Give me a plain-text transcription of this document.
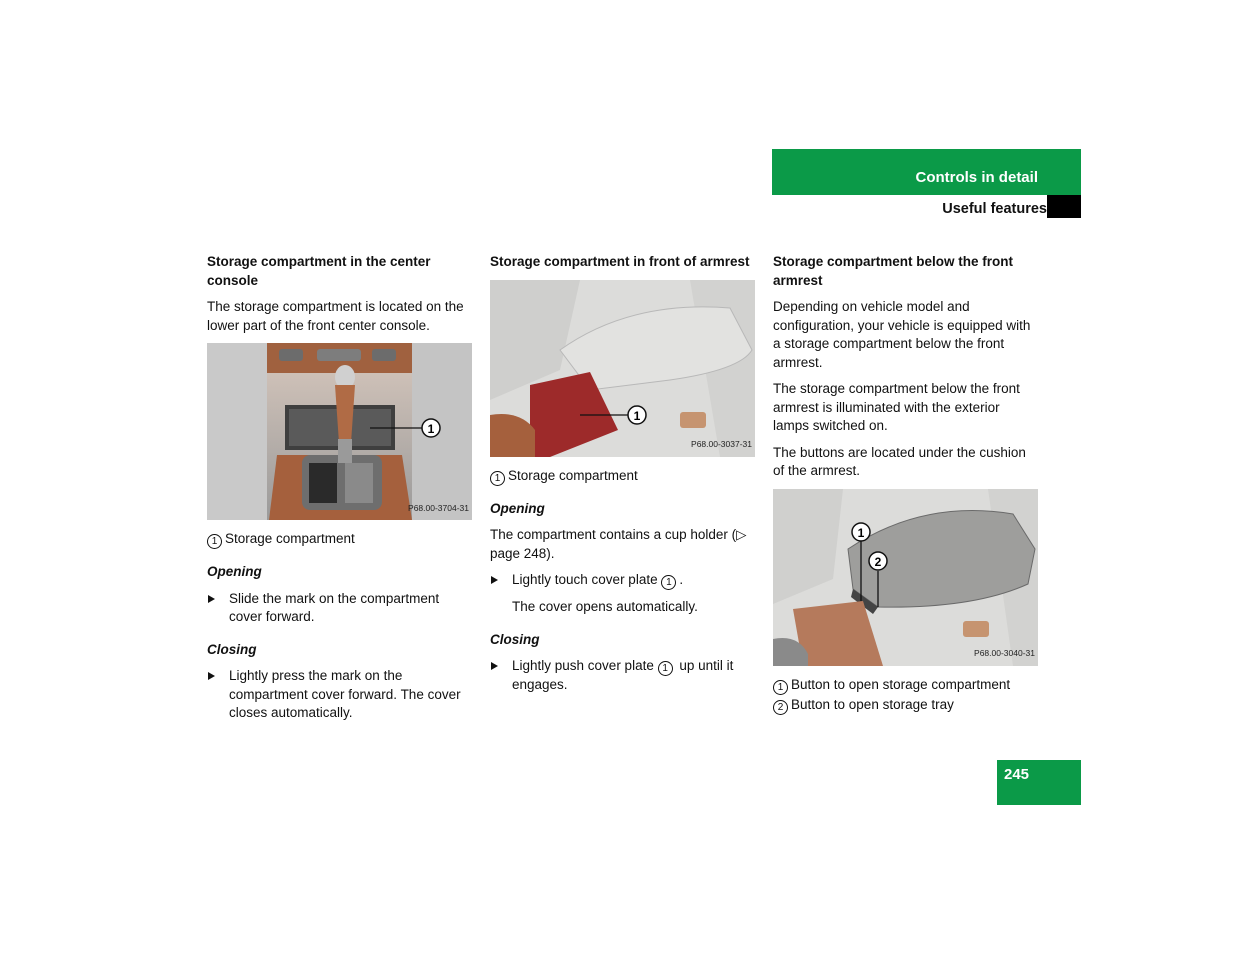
Controls in detail
Useful features
Storage compartment in the center console

The storage compartment is located on the lower part of the front center console.

1
P68.00-3704-31
1 Storage compartment
Opening
Slide the mark on the compartment cover forward.
Closing
Lightly press the mark on the compartment cover forward. The cover closes automatically.
Storage compartment in front of armrest
1
P68.00-3037-31
1 Storage compartment
Opening

The compartment contains a cup holder (▷ page 248).

Lightly touch cover plate 1 .
The cover opens automatically.
Closing
Lightly push cover plate 1 up until it engages.
Storage compartment below the front armrest

Depending on vehicle model and configuration, your vehicle is equipped with a storage compartment below the front armrest.

The storage compartment below the front armrest is illuminated with the exterior lamps switched on.

The buttons are located under the cushion of the armrest.

1
2
P68.00-3040-31
1 Button to open storage compartment
2 Button to open storage tray
245
